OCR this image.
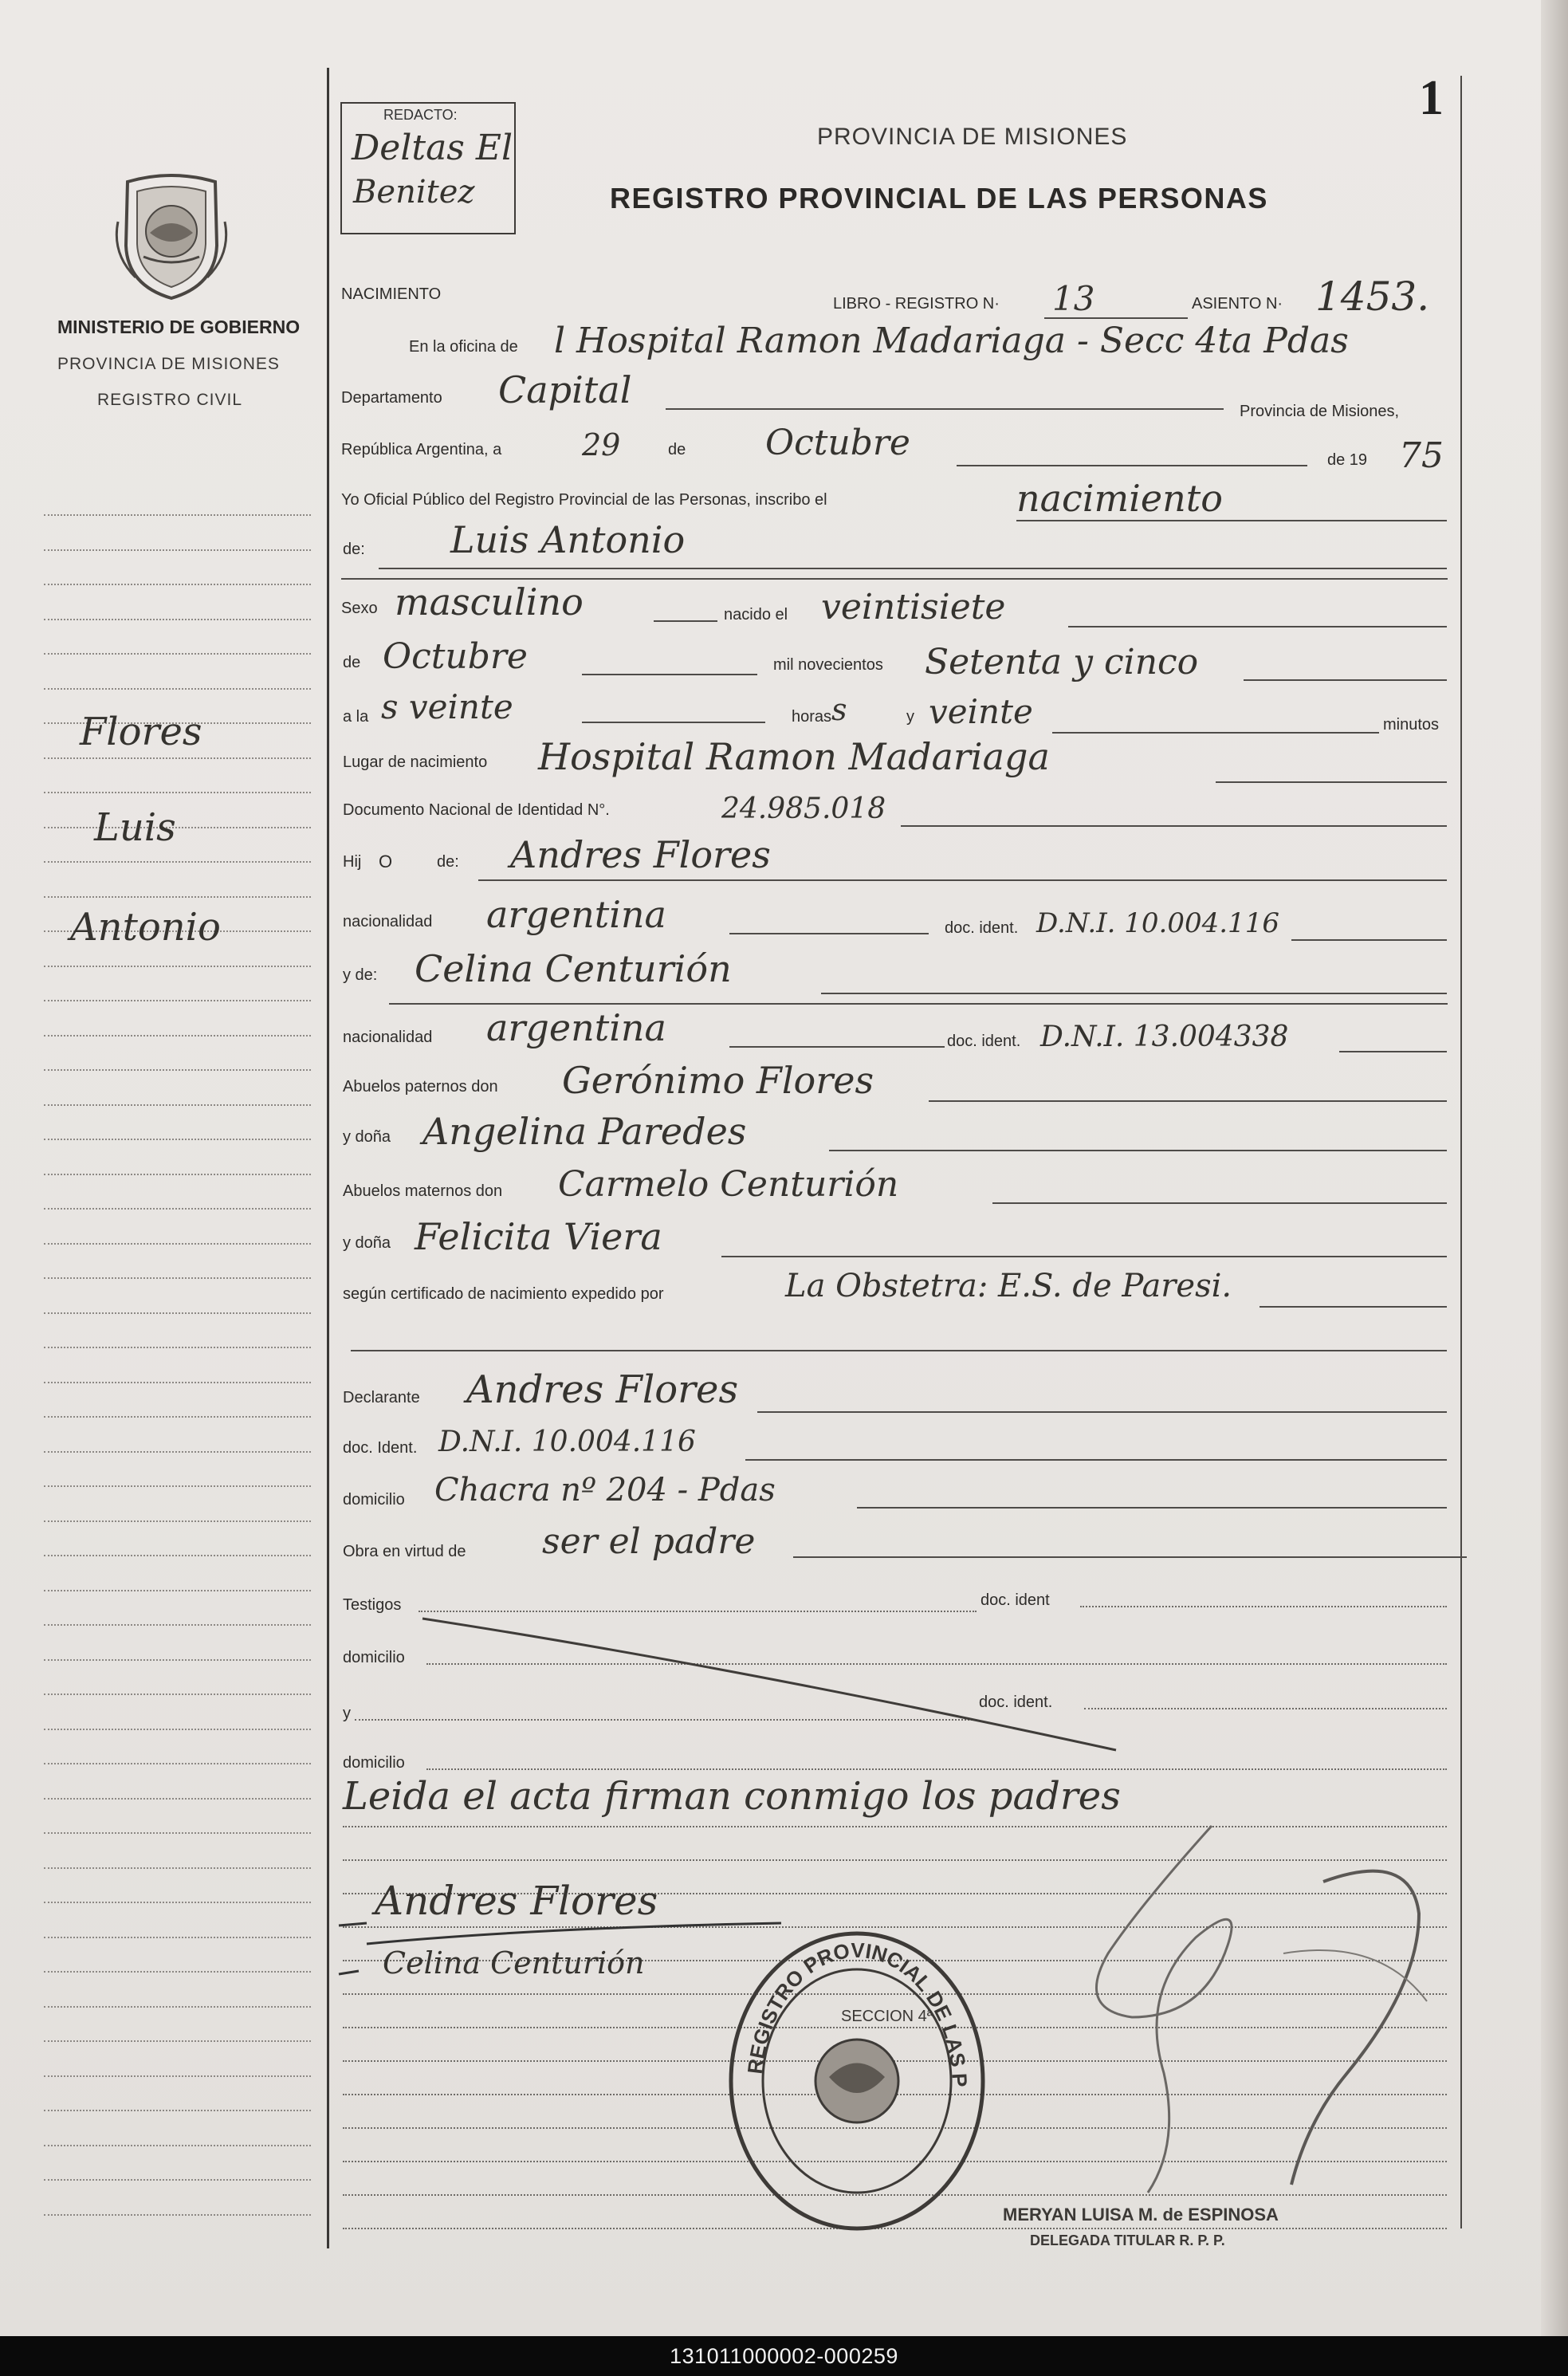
1
REDACTO:
Deltas El
Benitez
PROVINCIA DE MISIONES
REGISTRO PROVINCIAL DE LAS PERSONAS
MINISTERIO DE GOBIERNO
PROVINCIA DE MISIONES
REGISTRO CIVIL
Flores
Luis
Antonio
NACIMIENTO
LIBRO - REGISTRO N· 13	ASIENTO N· 1453.
En la oficina de l Hospital Ramon Madariaga - Secc 4ta Pdas
Departamento Capital	Provincia de Misiones,
República Argentina, a	29	de Octubre	de 19 75
Yo Oficial Público del Registro Provincial de las Personas, inscribo el	nacimiento
de: Luis Antonio
Sexo masculino	nacido el veintisiete
de Octubre	mil novecientos Setenta y cinco
a la s veinte	horas s	y veinte	minutos
Lugar de nacimiento Hospital Ramon Madariaga
Documento Nacional de Identidad N°.	24.985.018
Hij O	de: Andres Flores
nacionalidad argentina	doc. ident. D.N.I. 10.004.116
y de: Celina Centurión
nacionalidad argentina	doc. ident. D.N.I. 13.004338
Abuelos paternos don Gerónimo Flores
y doña Angelina Paredes
Abuelos maternos don Carmelo Centurión
y doña Felicita Viera
según certificado de nacimiento expedido por	La Obstetra: E.S. de Paresi.
Declarante Andres Flores
doc. Ident. D.N.I. 10.004.116
domicilio Chacra nº 204 - Pdas
Obra en virtud de ser el padre
Testigos	doc. ident
domicilio
y
doc. ident.
domicilio
Leida el acta firman conmigo los padres
Andres Flores
Celina Centurión
REGISTRO PROVINCIAL DE LAS P
SECCION 4ª
MERYAN LUISA M. de ESPINOSA
DELEGADA TITULAR R. P. P.
131011000002-000259
